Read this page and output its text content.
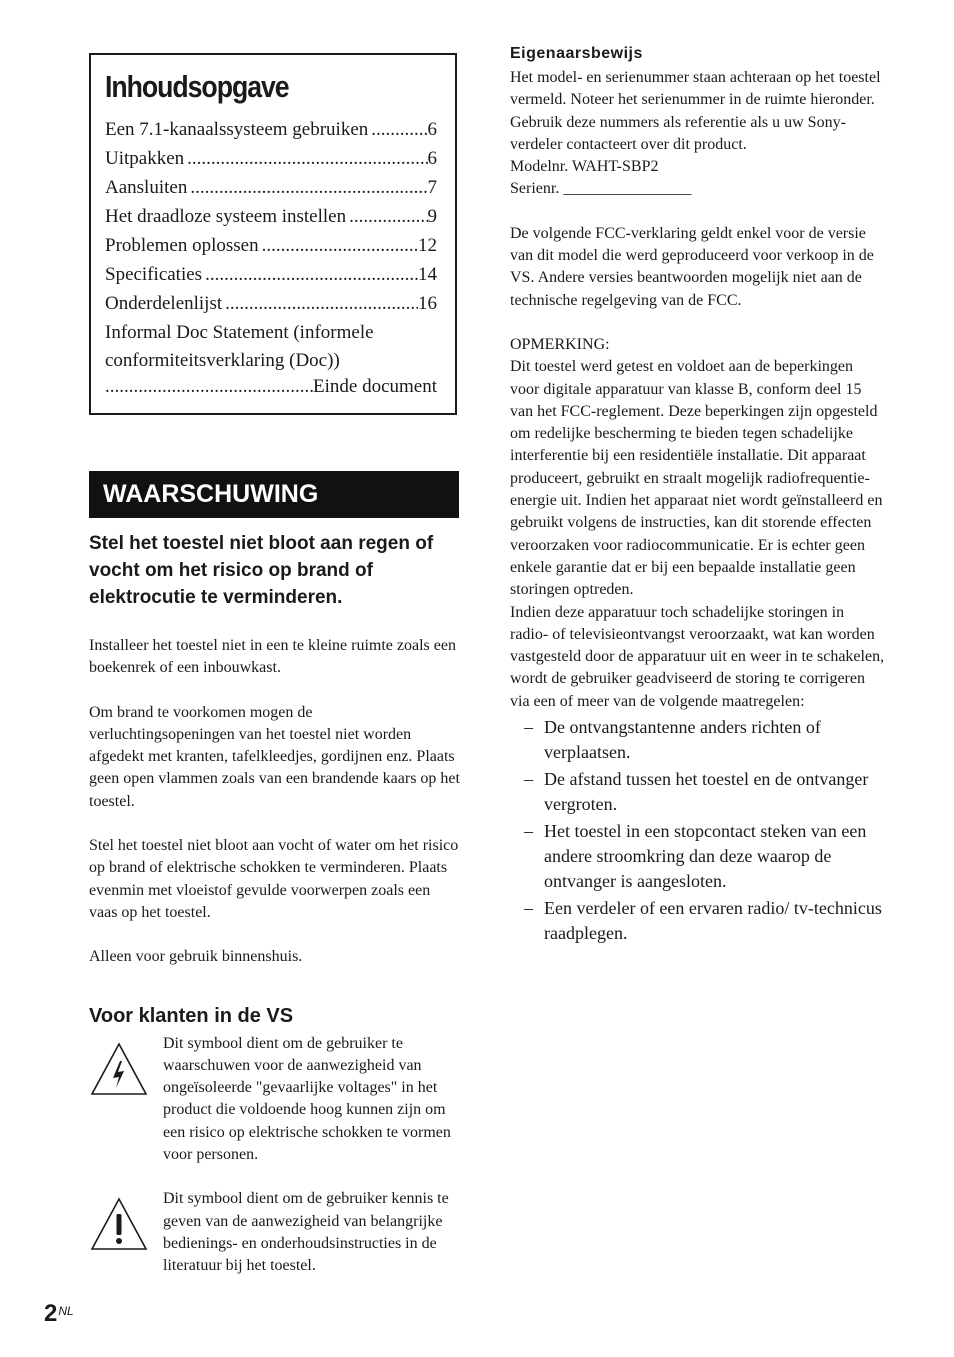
Inhoudsopgave
Een 7.1-kanaalssysteem gebruiken .....	6
Uitpakken .....	6
Aansluiten .....	7
Het draadloze systeem instellen .....	9
Problemen oplossen .....	12
Specificaties .....	14
Onderdelenlijst .....	16
Informal Doc Statement (informele
conformiteitsverklaring (Doc))
.....
Einde document
WAARSCHUWING
Stel het toestel niet bloot aan regen of vocht om het risico op brand of elektrocutie te verminderen.

Installeer het toestel niet in een te kleine ruimte zoals een boekenrek of een inbouwkast.

Om brand te voorkomen mogen de verluchtingsopeningen van het toestel niet worden afgedekt met kranten, tafelkleedjes, gordijnen enz. Plaats geen open vlammen zoals van een brandende kaars op het toestel.

Stel het toestel niet bloot aan vocht of water om het risico op brand of elektrische schokken te verminderen. Plaats evenmin met vloeistof gevulde voorwerpen zoals een vaas op het toestel.

Alleen voor gebruik binnenshuis.

Voor klanten in de VS
Dit symbool dient om de gebruiker te waarschuwen voor de aanwezigheid van ongeïsoleerde "gevaarlijke voltages" in het product die voldoende hoog kunnen zijn om een risico op elektrische schokken te vormen voor personen.
Dit symbool dient om de gebruiker kennis te geven van de aanwezigheid van belangrijke bedienings- en onderhoudsinstructies in de literatuur bij het toestel.
Eigenaarsbewijs

Het model- en serienummer staan achteraan op het toestel vermeld. Noteer het serienummer in de ruimte hieronder. Gebruik deze nummers als referentie als u uw Sony-verdeler contacteert over dit product.

Modelnr. WAHT-SBP2

Serienr. ________________

De volgende FCC-verklaring geldt enkel voor de versie van dit model die werd geproduceerd voor verkoop in de VS. Andere versies beantwoorden mogelijk niet aan de technische regelgeving van de FCC.

OPMERKING:

Dit toestel werd getest en voldoet aan de beperkingen voor digitale apparatuur van klasse B, conform deel 15 van het FCC-reglement. Deze beperkingen zijn opgesteld om redelijke bescherming te bieden tegen schadelijke interferentie bij een residentiële installatie. Dit apparaat produceert, gebruikt en straalt mogelijk radiofrequentie-energie uit. Indien het apparaat niet wordt geïnstalleerd en gebruikt volgens de instructies, kan dit storende effecten veroorzaken voor radiocommunicatie. Er is echter geen enkele garantie dat er bij een bepaalde installatie geen storingen optreden.

Indien deze apparatuur toch schadelijke storingen in radio- of televisieontvangst veroorzaakt, wat kan worden vastgesteld door de apparatuur uit en weer in te schakelen, wordt de gebruiker geadviseerd de storing te corrigeren via een of meer van de volgende maatregelen:

– De ontvangstantenne anders richten of verplaatsen.
– De afstand tussen het toestel en de ontvanger vergroten.
– Het toestel in een stopcontact steken van een andere stroomkring dan deze waarop de ontvanger is aangesloten.
– Een verdeler of een ervaren radio/ tv-technicus raadplegen.
$2^{NL}$
